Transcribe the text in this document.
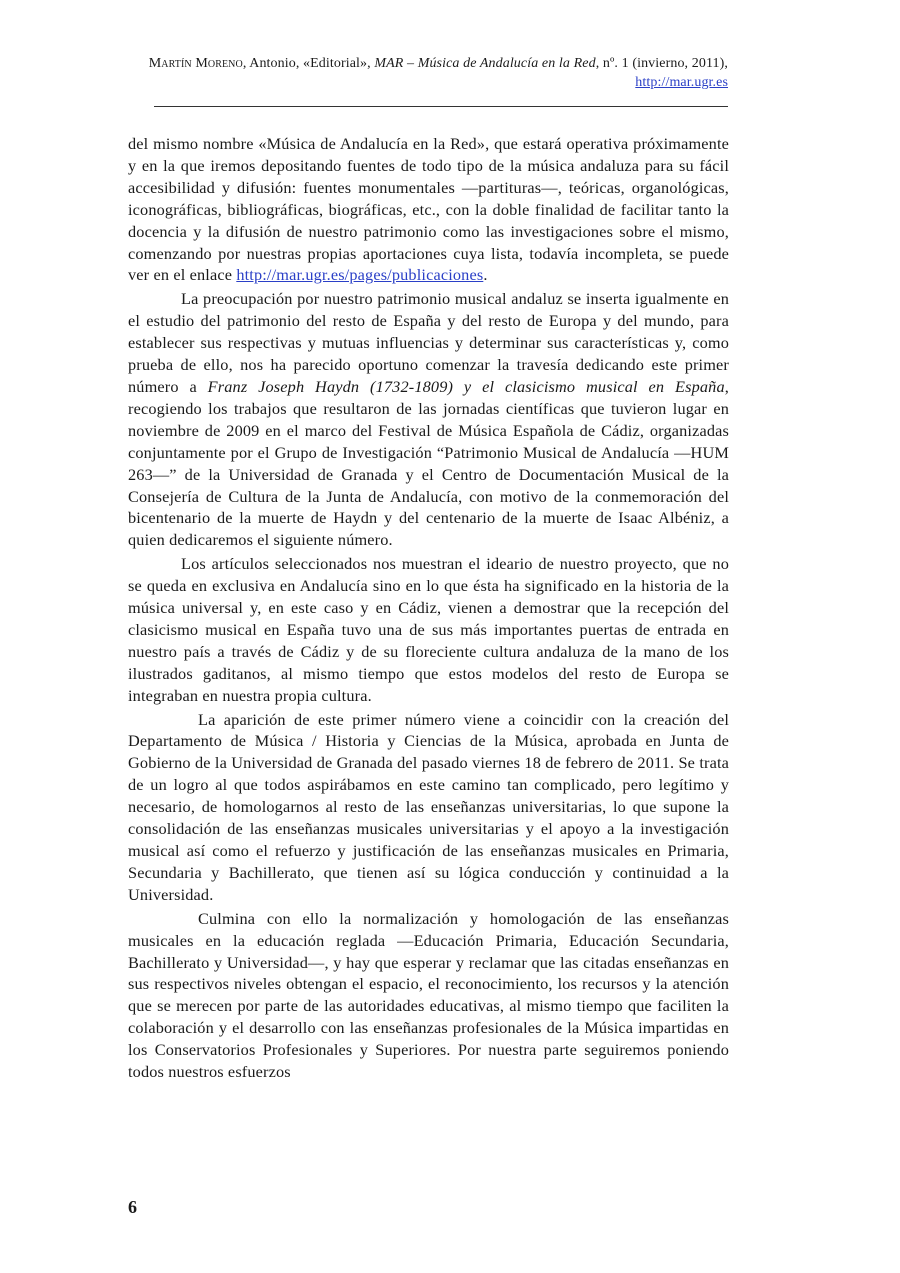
Martín Moreno, Antonio, «Editorial», MAR – Música de Andalucía en la Red, nº. 1 (invierno, 2011), http://mar.ugr.es

del mismo nombre «Música de Andalucía en la Red», que estará operativa próximamente y en la que iremos depositando fuentes de todo tipo de la música andaluza para su fácil accesibilidad y difusión: fuentes monumentales —partituras—, teóricas, organológicas, iconográficas, bibliográficas, biográficas, etc., con la doble finalidad de facilitar tanto la docencia y la difusión de nuestro patrimonio como las investigaciones sobre el mismo, comenzando por nuestras propias aportaciones cuya lista, todavía incompleta, se puede ver en el enlace http://mar.ugr.es/pages/publicaciones.

La preocupación por nuestro patrimonio musical andaluz se inserta igualmente en el estudio del patrimonio del resto de España y del resto de Europa y del mundo, para establecer sus respectivas y mutuas influencias y determinar sus características y, como prueba de ello, nos ha parecido oportuno comenzar la travesía dedicando este primer número a Franz Joseph Haydn (1732-1809) y el clasicismo musical en España, recogiendo los trabajos que resultaron de las jornadas científicas que tuvieron lugar en noviembre de 2009 en el marco del Festival de Música Española de Cádiz, organizadas conjuntamente por el Grupo de Investigación “Patrimonio Musical de Andalucía —HUM 263—” de la Universidad de Granada y el Centro de Documentación Musical de la Consejería de Cultura de la Junta de Andalucía, con motivo de la conmemoración del bicentenario de la muerte de Haydn y del centenario de la muerte de Isaac Albéniz, a quien dedicaremos el siguiente número.

Los artículos seleccionados nos muestran el ideario de nuestro proyecto, que no se queda en exclusiva en Andalucía sino en lo que ésta ha significado en la historia de la música universal y, en este caso y en Cádiz, vienen a demostrar que la recepción del clasicismo musical en España tuvo una de sus más importantes puertas de entrada en nuestro país a través de Cádiz y de su floreciente cultura andaluza de la mano de los ilustrados gaditanos, al mismo tiempo que estos modelos del resto de Europa se integraban en nuestra propia cultura.

La aparición de este primer número viene a coincidir con la creación del Departamento de Música / Historia y Ciencias de la Música, aprobada en Junta de Gobierno de la Universidad de Granada del pasado viernes 18 de febrero de 2011. Se trata de un logro al que todos aspirábamos en este camino tan complicado, pero legítimo y necesario, de homologarnos al resto de las enseñanzas universitarias, lo que supone la consolidación de las enseñanzas musicales universitarias y el apoyo a la investigación musical así como el refuerzo y justificación de las enseñanzas musicales en Primaria, Secundaria y Bachillerato, que tienen así su lógica conducción y continuidad a la Universidad.

Culmina con ello la normalización y homologación de las enseñanzas musicales en la educación reglada —Educación Primaria, Educación Secundaria, Bachillerato y Universidad—, y hay que esperar y reclamar que las citadas enseñanzas en sus respectivos niveles obtengan el espacio, el reconocimiento, los recursos y la atención que se merecen por parte de las autoridades educativas, al mismo tiempo que faciliten la colaboración y el desarrollo con las enseñanzas profesionales de la Música impartidas en los Conservatorios Profesionales y Superiores. Por nuestra parte seguiremos poniendo todos nuestros esfuerzos

6
